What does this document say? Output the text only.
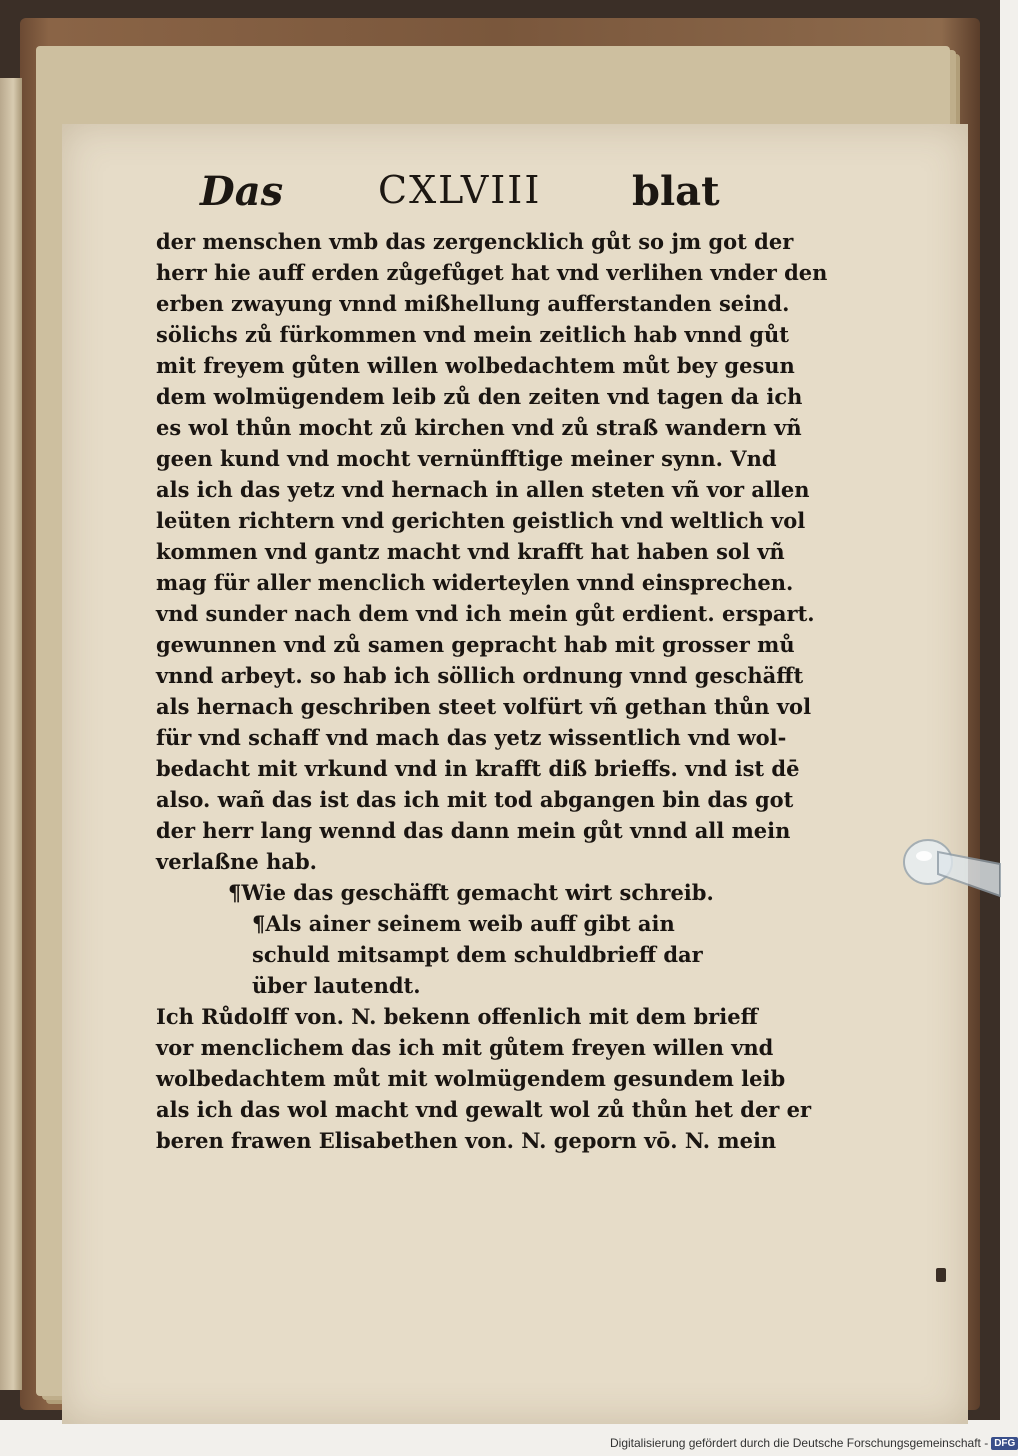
Das CXLVIII blat
der menschen vmb das zergencklich gůt so jm got der
herr hie auff erden zůgefůget hat vnd verlihen vnder den
erben zwayung vnnd mißhellung aufferstanden seind.
sölichs zů fürkommen vnd mein zeitlich hab vnnd gůt
mit freyem gůten willen wolbedachtem můt bey gesun
dem wolmügendem leib zů den zeiten vnd tagen da ich
es wol thůn mocht zů kirchen vnd zů straß wandern vñ
geen kund vnd mocht vernünfftige meiner synn. Vnd
als ich das yetz vnd hernach in allen steten vñ vor allen
leüten richtern vnd gerichten geistlich vnd weltlich vol
kommen vnd gantz macht vnd krafft hat haben sol vñ
mag für aller menclich widerteylen vnnd einsprechen.
vnd sunder nach dem vnd ich mein gůt erdient. erspart.
gewunnen vnd zů samen gepracht hab mit grosser mů
vnnd arbeyt. so hab ich söllich ordnung vnnd geschäfft
als hernach geschriben steet volfürt vñ gethan thůn vol
für vnd schaff vnd mach das yetz wissentlich vnd wol-
bedacht mit vrkund vnd in krafft diß brieffs. vnd ist dē
also. wañ das ist das ich mit tod abgangen bin das got
der herr lang wennd das dann mein gůt vnnd all mein
verlaßne hab.
¶Wie das geschäfft gemacht wirt schreib.
¶Als ainer seinem weib auff gibt ain
schuld mitsampt dem schuldbrieff dar
über lautendt.
Ich Růdolff von. N. bekenn offenlich mit dem brieff
vor menclichem das ich mit gůtem freyen willen vnd
wolbedachtem můt mit wolmügendem gesundem leib
als ich das wol macht vnd gewalt wol zů thůn het der er
beren frawen Elisabethen von. N. geporn vō. N. mein
Digitalisierung gefördert durch die Deutsche Forschungsgemeinschaft - DFG
